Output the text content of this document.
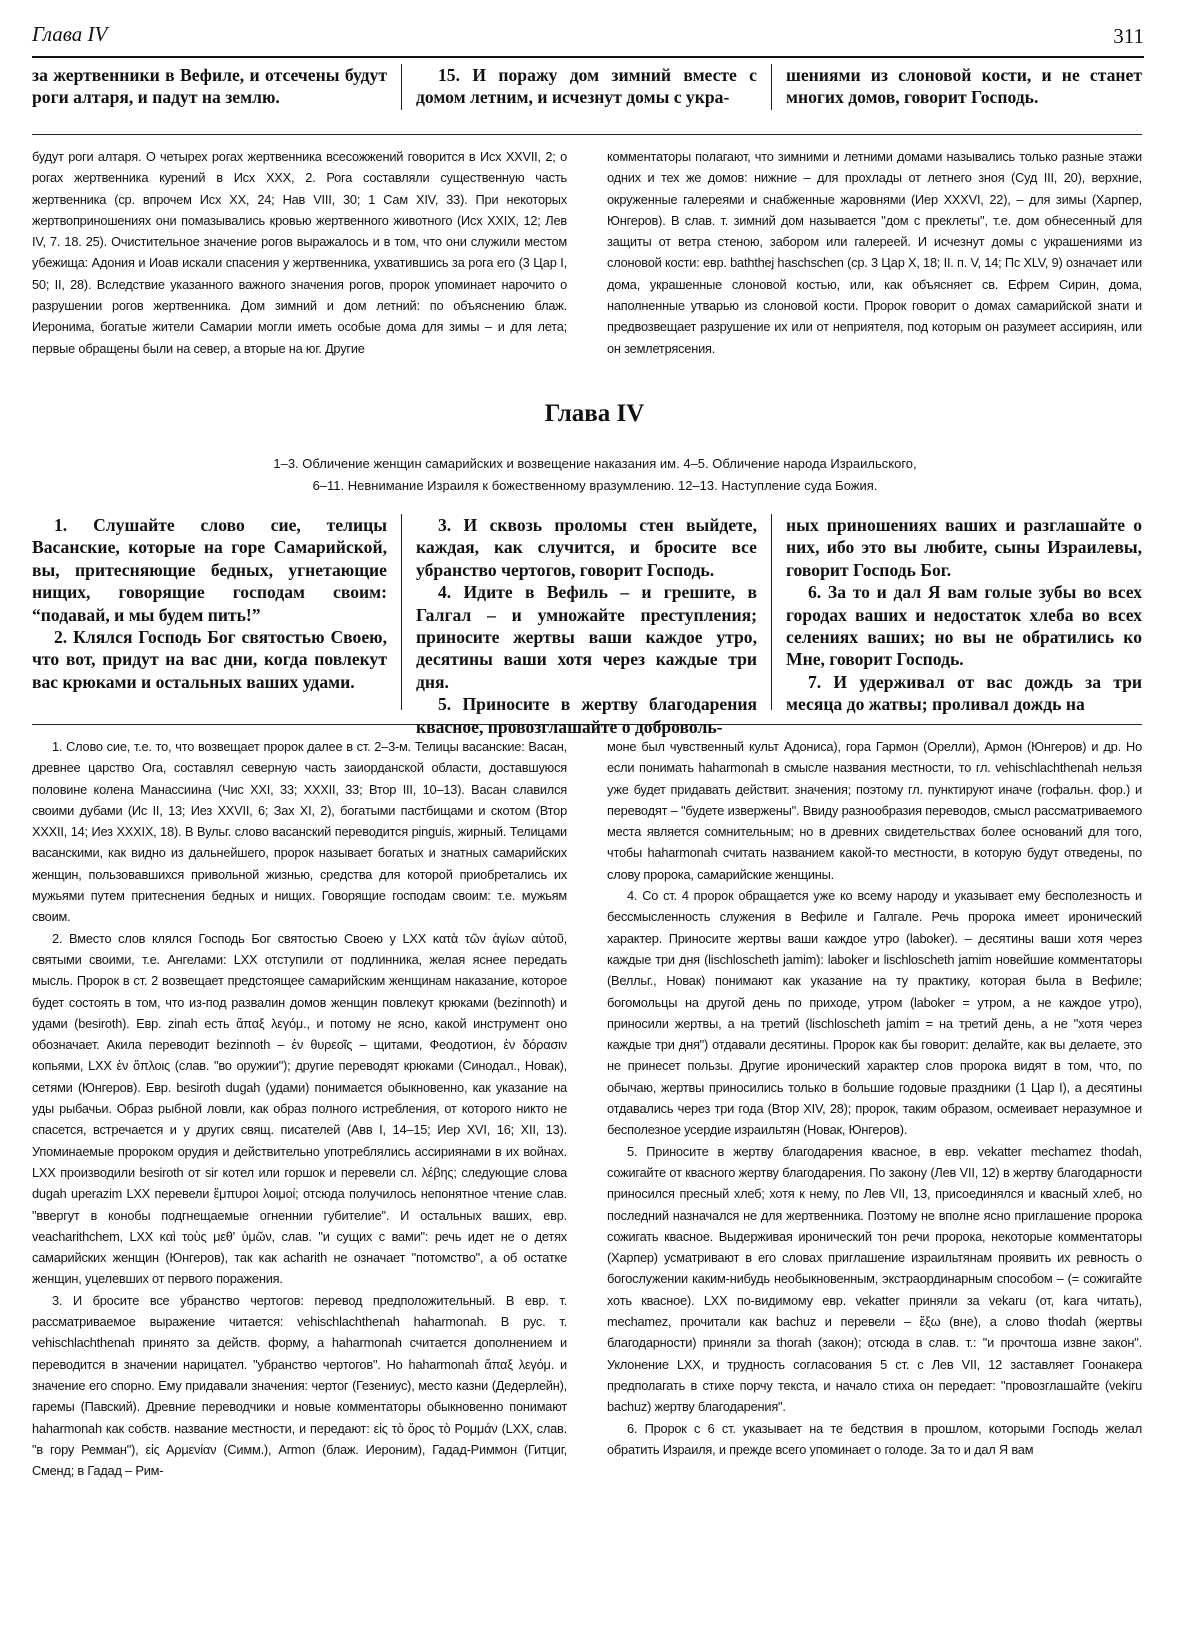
Глава IV	311

за жертвенники в Вефиле, и отсечены будут роги алтаря, и падут на землю.

15. И поражу дом зимний вместе с домом летним, и исчезнут домы с укра-

шениями из слоновой кости, и не станет многих домов, говорит Господь.

будут роги алтаря. О четырех рогах жертвенника всесожжений говорится в Исх XXVII, 2; о рогах жертвенника курений в Исх XXX, 2. Рога составляли существенную часть жертвенника (ср. впрочем Исх XX, 24; Нав VIII, 30; 1 Сам XIV, 33). При некоторых жертвоприношениях они помазывались кровью жертвенного животного (Исх XXIX, 12; Лев IV, 7. 18. 25). Очистительное значение рогов выражалось и в том, что они служили местом убежища: Адония и Иоав искали спасения у жертвенника, ухватившись за рога его (3 Цар I, 50; II, 28). Вследствие указанного важного значения рогов, пророк упоминает нарочито о разрушении рогов жертвенника. Дом зимний и дом летний: по объяснению блаж. Иеронима, богатые жители Самарии могли иметь особые дома для зимы – и для лета; первые обращены были на север, а вторые на юг. Другие

комментаторы полагают, что зимними и летними домами назывались только разные этажи одних и тех же домов: нижние – для прохлады от летнего зноя (Суд III, 20), верхние, окруженные галереями и снабженные жаровнями (Иер XXXVI, 22), – для зимы (Харпер, Юнгеров). В слав. т. зимний дом называется "дом с преклеты", т.е. дом обнесенный для защиты от ветра стеною, забором или галереей. И исчезнут домы с украшениями из слоновой кости: евр. baththej haschschen (ср. 3 Цар X, 18; II. п. V, 14; Пс XLV, 9) означает или дома, украшенные слоновой костью, или, как объясняет св. Ефрем Сирин, дома, наполненные утварью из слоновой кости. Пророк говорит о домах самарийской знати и предвозвещает разрушение их или от неприятеля, под которым он разумеет ассириян, или он землетрясения.

Глава IV
1–3. Обличение женщин самарийских и возвещение наказания им. 4–5. Обличение народа Израильского,
6–11. Невнимание Израиля к божественному вразумлению. 12–13. Наступление суда Божия.

1. Слушайте слово сие, телицы Васанские, которые на горе Самарийской, вы, притесняющие бедных, угнетающие нищих, говорящие господам своим: “подавай, и мы будем пить!”

2. Клялся Господь Бог святостью Своею, что вот, придут на вас дни, когда повлекут вас крюками и остальных ваших удами.

3. И сквозь проломы стен выйдете, каждая, как случится, и бросите все убранство чертогов, говорит Господь.

4. Идите в Вефиль – и грешите, в Галгал – и умножайте преступления; приносите жертвы ваши каждое утро, десятины ваши хотя через каждые три дня.

5. Приносите в жертву благодарения квасное, провозглашайте о доброволь-

ных приношениях ваших и разглашайте о них, ибо это вы любите, сыны Израилевы, говорит Господь Бог.

6. За то и дал Я вам голые зубы во всех городах ваших и недостаток хлеба во всех селениях ваших; но вы не обратились ко Мне, говорит Господь.

7. И удерживал от вас дождь за три месяца до жатвы; проливал дождь на

1. Слово сие, т.е. то, что возвещает пророк далее в ст. 2–3-м. Телицы васанские: Васан, древнее царство Ога, составлял северную часть заиорданской области, доставшуюся половине колена Манассиина (Чис XXI, 33; XXXII, 33; Втор III, 10–13). Васан славился своими дубами (Ис II, 13; Иез XXVII, 6; Зах XI, 2), богатыми пастбищами и скотом (Втор XXXII, 14; Иез XXXIX, 18). В Вульг. слово васанский переводится pinguis, жирный. Телицами васанскими, как видно из дальнейшего, пророк называет богатых и знатных самарийских женщин, пользовавшихся привольной жизнью, средства для которой приобретались их мужьями путем притеснения бедных и нищих. Говорящие господам своим: т.е. мужьям своим.

2. Вместо слов клялся Господь Бог святостью Своею у LXX κατὰ τῶν ἁγίων αὐτοῦ, святыми своими, т.е. Ангелами: LXX отступили от подлинника, желая яснее передать мысль. Пророк в ст. 2 возвещает предстоящее самарийским женщинам наказание, которое будет состоять в том, что из-под развалин домов женщин повлекут крюками (bezinnoth) и удами (besiroth). Евр. zinah есть ἅπαξ λεγόμ., и потому не ясно, какой инструмент оно обозначает. Акила переводит bezinnoth – ἐν θυρεοῖς – щитами, Феодотион, ἐν δόρασιν копьями, LXX ἐν ὅπλοις (слав. "во оружии"); другие переводят крюками (Синодал., Новак), сетями (Юнгеров). Евр. besiroth dugah (удами) понимается обыкновенно, как указание на уды рыбачьи. Образ рыбной ловли, как образ полного истребления, от которого никто не спасется, встречается и у других свящ. писателей (Авв I, 14–15; Иер XVI, 16; XII, 13). Упоминаемые пророком орудия и действительно употреблялись ассириянами в их войнах. LXX производили besiroth от sir котел или горшок и перевели сл. λέβης; следующие слова dugah uperazim LXX перевели ἔμπυροι λοιμοί; отсюда получилось непонятное чтение слав. "ввергут в конобы подгнещаемые огненнии губителие". И остальных ваших, евр. veacharithchem, LXX καὶ τοὺς μεθ' ὑμῶν, слав. "и сущих с вами": речь идет не о детях самарийских женщин (Юнгеров), так как acharith не означает "потомство", а об остатке женщин, уцелевших от первого поражения.

3. И бросите все убранство чертогов: перевод предположительный. В евр. т. рассматриваемое выражение читается: vehischlachthenah haharmonah. В рус. т. vehischlachthenah принято за действ. форму, a haharmonah считается дополнением и переводится в значении нарицател. "убранство чертогов". Но haharmonah ἅπαξ λεγόμ. и значение его спорно. Ему придавали значения: чертог (Гезениус), место казни (Дедерлейн), гаремы (Павский). Древние переводчики и новые комментаторы обыкновенно понимают haharmonah как собств. название местности, и передают: εἰς τὸ ὄρος τὸ Ρομμάν (LXX, слав. "в гору Ремман"), εἰς Αρμενίαν (Симм.), Armon (блаж. Иероним), Гадад-Риммон (Гитциг, Сменд; в Гадад – Рим-

моне был чувственный культ Адониса), гора Гармон (Орелли), Армон (Юнгеров) и др. Но если понимать haharmonah в смысле названия местности, то гл. vehischlachthenah нельзя уже будет придавать действит. значения; поэтому гл. пунктируют иначе (гофальн. фор.) и переводят – "будете извержены". Ввиду разнообразия переводов, смысл рассматриваемого места является сомнительным; но в древних свидетельствах более оснований для того, чтобы haharmonah считать названием какой-то местности, в которую будут отведены, по слову пророка, самарийские женщины.

4. Со ст. 4 пророк обращается уже ко всему народу и указывает ему бесполезность и бессмысленность служения в Вефиле и Галгале. Речь пророка имеет иронический характер. Приносите жертвы ваши каждое утро (laboker). – десятины ваши хотя через каждые три дня (lischloscheth jamim): laboker и lischloscheth jamim новейшие комментаторы (Велльг., Новак) понимают как указание на ту практику, которая была в Вефиле; богомольцы на другой день по приходе, утром (laboker = утром, а не каждое утро), приносили жертвы, а на третий (lischloscheth jamim = на третий день, а не "хотя через каждые три дня") отдавали десятины. Пророк как бы говорит: делайте, как вы делаете, это не принесет пользы. Другие иронический характер слов пророка видят в том, что, по обычаю, жертвы приносились только в большие годовые праздники (1 Цар I), а десятины отдавались через три года (Втор XIV, 28); пророк, таким образом, осмеивает неразумное и бесполезное усердие израильтян (Новак, Юнгеров).

5. Приносите в жертву благодарения квасное, в евр. vekatter mechamez thodah, сожигайте от квасного жертву благодарения. По закону (Лев VII, 12) в жертву благодарности приносился пресный хлеб; хотя к нему, по Лев VII, 13, присоединялся и квасный хлеб, но последний назначался не для жертвенника. Поэтому не вполне ясно приглашение пророка сожигать квасное. Выдерживая иронический тон речи пророка, некоторые комментаторы (Харпер) усматривают в его словах приглашение израильтянам проявить их ревность о богослужении каким-нибудь необыкновенным, экстраординарным способом – (= сожигайте хоть квасное). LXX по-видимому евр. vekatter приняли за vekaru (от, kara читать), mechamez, прочитали как bachuz и перевели – ἔξω (вне), а слово thodah (жертвы благодарности) приняли за thorah (закон); отсюда в слав. т.: "и прочтоша извне закон". Уклонение LXX, и трудность согласования 5 ст. с Лев VII, 12 заставляет Гоонакера предполагать в стихе порчу текста, и начало стиха он передает: "провозглашайте (vekiru bachuz) жертву благодарения".

6. Пророк с 6 ст. указывает на те бедствия в прошлом, которыми Господь желал обратить Израиля, и прежде всего упоминает о голоде. За то и дал Я вам
